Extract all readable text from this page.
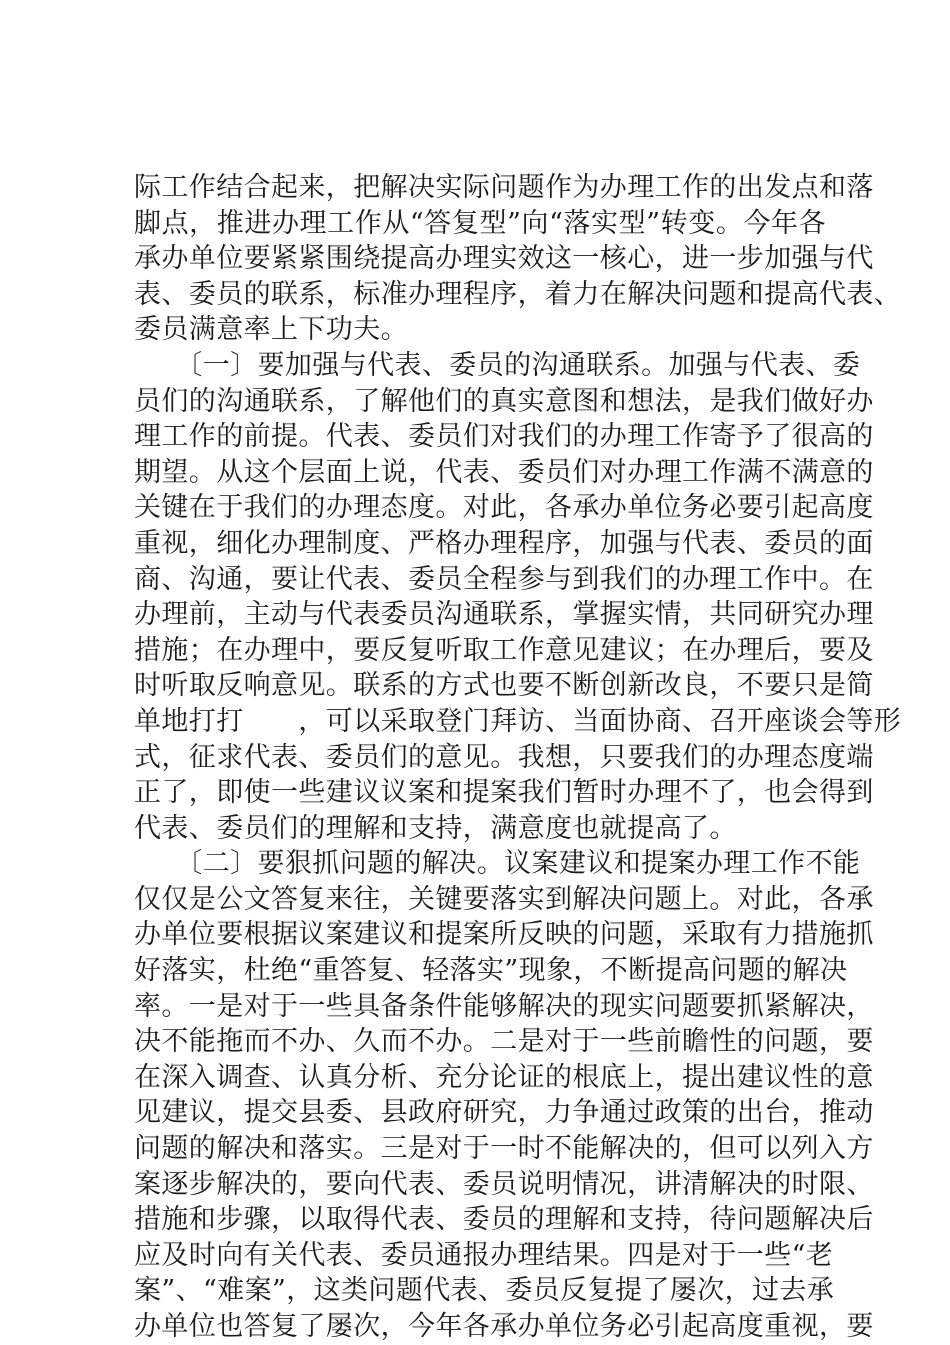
际工作结合起来，把解决实际问题作为办理工作的出发点和落
脚点，推进办理工作从“答复型”向“落实型”转变。今年各
承办单位要紧紧围绕提高办理实效这一核心，进一步加强与代
表、委员的联系，标准办理程序，着力在解决问题和提高代表、
委员满意率上下功夫。
　　〔一〕要加强与代表、委员的沟通联系。加强与代表、委
员们的沟通联系，了解他们的真实意图和想法，是我们做好办
理工作的前提。代表、委员们对我们的办理工作寄予了很高的
期望。从这个层面上说，代表、委员们对办理工作满不满意的
关键在于我们的办理态度。对此，各承办单位务必要引起高度
重视，细化办理制度、严格办理程序，加强与代表、委员的面
商、沟通，要让代表、委员全程参与到我们的办理工作中。在
办理前，主动与代表委员沟通联系，掌握实情，共同研究办理
措施；在办理中，要反复听取工作意见建议；在办理后，要及
时听取反响意见。联系的方式也要不断创新改良，不要只是简
单地打打　　，可以采取登门拜访、当面协商、召开座谈会等形
式，征求代表、委员们的意见。我想，只要我们的办理态度端
正了，即使一些建议议案和提案我们暂时办理不了，也会得到
代表、委员们的理解和支持，满意度也就提高了。
　　〔二〕要狠抓问题的解决。议案建议和提案办理工作不能
仅仅是公文答复来往，关键要落实到解决问题上。对此，各承
办单位要根据议案建议和提案所反映的问题，采取有力措施抓
好落实，杜绝“重答复、轻落实”现象，不断提高问题的解决
率。一是对于一些具备条件能够解决的现实问题要抓紧解决，
决不能拖而不办、久而不办。二是对于一些前瞻性的问题，要
在深入调查、认真分析、充分论证的根底上，提出建议性的意
见建议，提交县委、县政府研究，力争通过政策的出台，推动
问题的解决和落实。三是对于一时不能解决的，但可以列入方
案逐步解决的，要向代表、委员说明情况，讲清解决的时限、
措施和步骤，以取得代表、委员的理解和支持，待问题解决后
应及时向有关代表、委员通报办理结果。四是对于一些“老
案”、“难案”，这类问题代表、委员反复提了屡次，过去承
办单位也答复了屡次，今年各承办单位务必引起高度重视，要
